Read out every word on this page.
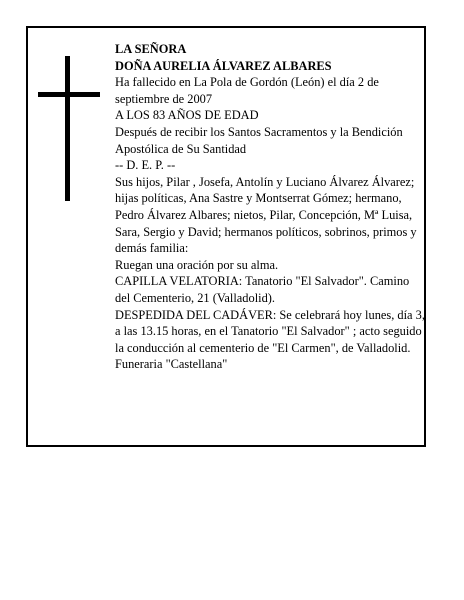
LA SEÑORA

DOÑA AURELIA ÁLVAREZ ALBARES

Ha fallecido en La Pola de Gordón (León) el día 2 de septiembre de 2007

A LOS 83 AÑOS DE EDAD

Después de recibir los Santos Sacramentos y la Bendición Apostólica de Su Santidad

-- D. E. P. --

Sus hijos, Pilar , Josefa, Antolín y Luciano Álvarez Álvarez; hijas políticas, Ana Sastre y Montserrat Gómez; hermano, Pedro Álvarez Albares; nietos, Pilar, Concepción, Mª Luisa, Sara, Sergio y David; hermanos políticos, sobrinos, primos y demás familia:

Ruegan una oración por su alma.

CAPILLA VELATORIA: Tanatorio "El Salvador". Camino del Cementerio, 21 (Valladolid).

DESPEDIDA DEL CADÁVER: Se celebrará hoy lunes, día 3, a las 13.15 horas, en el Tanatorio "El Salvador" ; acto seguido la conducción al cementerio de "El Carmen", de Valladolid.

Funeraria "Castellana"
